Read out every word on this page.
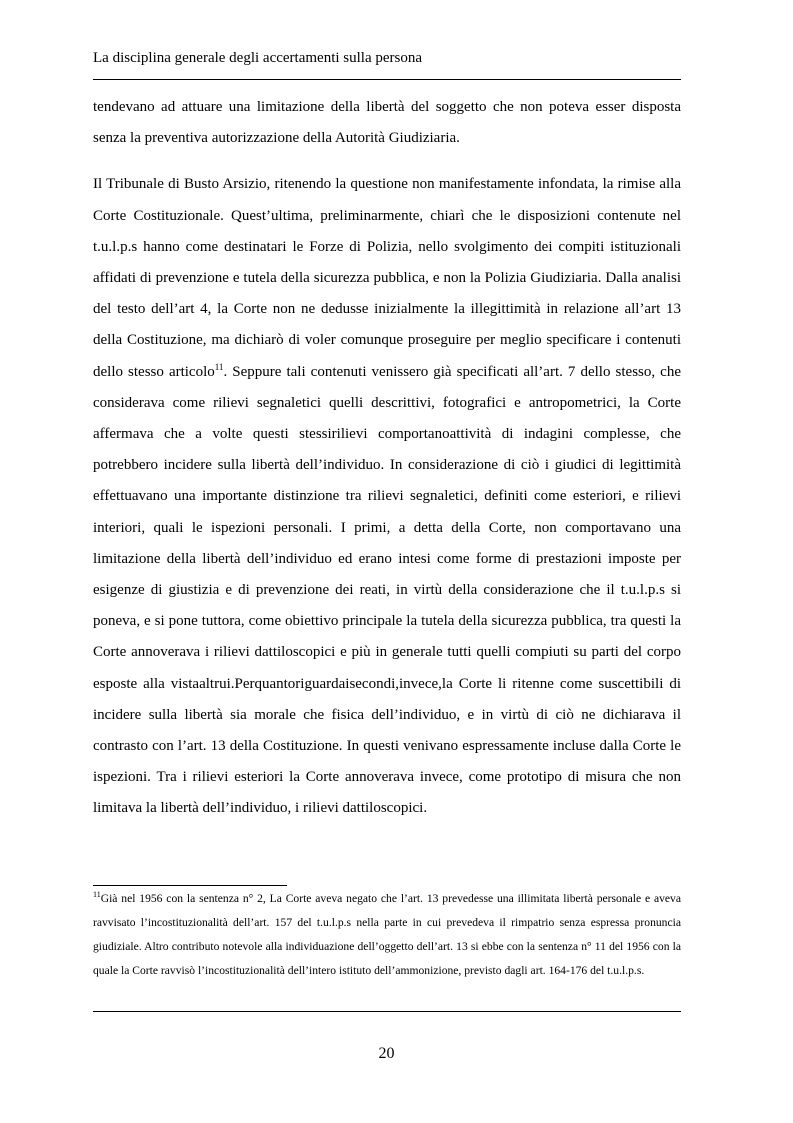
La disciplina generale degli accertamenti sulla persona

tendevano ad attuare una limitazione della libertà del soggetto che non poteva esser disposta senza la preventiva autorizzazione della Autorità Giudiziaria.

Il Tribunale di Busto Arsizio, ritenendo la questione non manifestamente infondata, la rimise alla Corte Costituzionale. Quest’ultima, preliminarmente, chiarì che le disposizioni contenute nel t.u.l.p.s hanno come destinatari le Forze di Polizia, nello svolgimento dei compiti istituzionali affidati di prevenzione e tutela della sicurezza pubblica, e non la Polizia Giudiziaria. Dalla analisi del testo dell’art 4, la Corte non ne dedusse inizialmente la illegittimità in relazione all’art 13 della Costituzione, ma dichiarò di voler comunque proseguire per meglio specificare i contenuti dello stesso articolo$^{11}$. Seppure tali contenuti venissero già specificati all’art. 7 dello stesso, che considerava come rilievi segnaletici quelli descrittivi, fotografici e antropometrici, la Corte affermava che a volte questi stessirilievi comportanoattività di indagini complesse, che potrebbero incidere sulla libertà dell’individuo. In considerazione di ciò i giudici di legittimità effettuavano una importante distinzione tra rilievi segnaletici, definiti come esteriori, e rilievi interiori, quali le ispezioni personali. I primi, a detta della Corte, non comportavano una limitazione della libertà dell’individuo ed erano intesi come forme di prestazioni imposte per esigenze di giustizia e di prevenzione dei reati, in virtù della considerazione che il t.u.l.p.s si poneva, e si pone tuttora, come obiettivo principale la tutela della sicurezza pubblica, tra questi la Corte annoverava i rilievi dattiloscopici e più in generale tutti quelli compiuti su parti del corpo esposte alla vistaaltrui.Perquantoriguardaisecondi,invece,la Corte li ritenne come suscettibili di incidere sulla libertà sia morale che fisica dell’individuo, e in virtù di ciò ne dichiarava il contrasto con l’art. 13 della Costituzione. In questi venivano espressamente incluse dalla Corte le ispezioni. Tra i rilievi esteriori la Corte annoverava invece, come prototipo di misura che non limitava la libertà dell’individuo, i rilievi dattiloscopici.

$^{11}$Già nel 1956 con la sentenza n° 2, La Corte aveva negato che l’art. 13 prevedesse una illimitata libertà personale e aveva ravvisato l’incostituzionalità dell’art. 157 del t.u.l.p.s nella parte in cui prevedeva il rimpatrio senza espressa pronuncia giudiziale. Altro contributo notevole alla individuazione dell’oggetto dell’art. 13 si ebbe con la sentenza n° 11 del 1956 con la quale la Corte ravvisò l’incostituzionalità dell’intero istituto dell’ammonizione, previsto dagli art. 164-176 del t.u.l.p.s.

20
